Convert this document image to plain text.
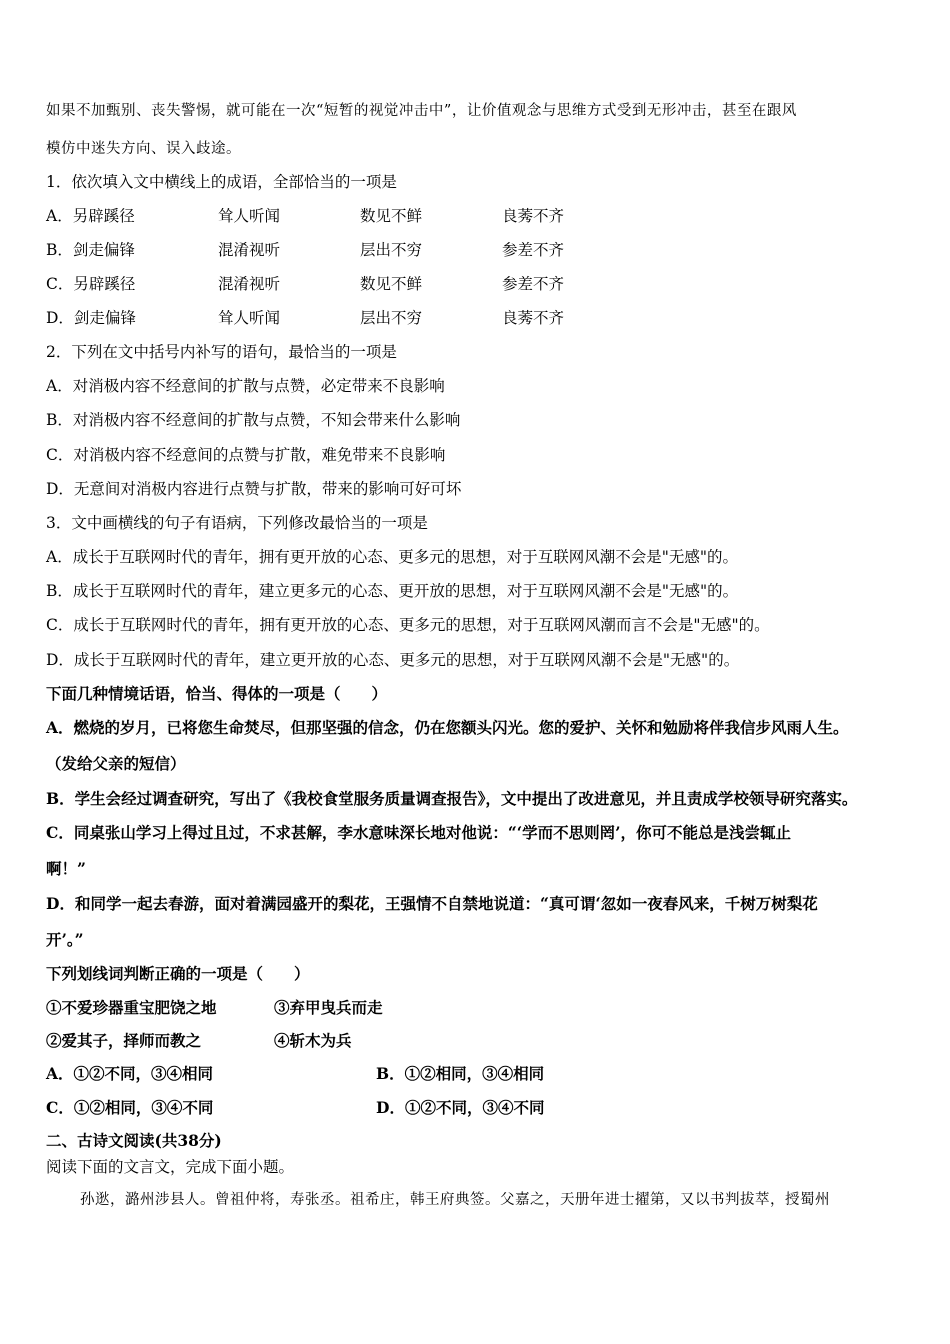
如果不加甄别、丧失警惕，就可能在一次“短暂的视觉冲击中”，让价值观念与思维方式受到无形冲击，甚至在跟风
模仿中迷失方向、误入歧途。
1．依次填入文中横线上的成语，全部恰当的一项是
A．另辟蹊径	耸人听闻	数见不鲜	良莠不齐
B．剑走偏锋	混淆视听	层出不穷	参差不齐
C．另辟蹊径	混淆视听	数见不鲜	参差不齐
D．剑走偏锋	耸人听闻	层出不穷	良莠不齐
2．下列在文中括号内补写的语句，最恰当的一项是
A．对消极内容不经意间的扩散与点赞，必定带来不良影响
B．对消极内容不经意间的扩散与点赞，不知会带来什么影响
C．对消极内容不经意间的点赞与扩散，难免带来不良影响
D．无意间对消极内容进行点赞与扩散，带来的影响可好可坏
3．文中画横线的句子有语病，下列修改最恰当的一项是
A．成长于互联网时代的青年，拥有更开放的心态、更多元的思想，对于互联网风潮不会是"无感"的。
B．成长于互联网时代的青年，建立更多元的心态、更开放的思想，对于互联网风潮不会是"无感"的。
C．成长于互联网时代的青年，拥有更开放的心态、更多元的思想，对于互联网风潮而言不会是"无感"的。
D．成长于互联网时代的青年，建立更开放的心态、更多元的思想，对于互联网风潮不会是"无感"的。
下面几种情境话语，恰当、得体的一项是（　　）
A．燃烧的岁月，已将您生命焚尽，但那坚强的信念，仍在您额头闪光。您的爱护、关怀和勉励将伴我信步风雨人生。
（发给父亲的短信）
B．学生会经过调查研究，写出了《我校食堂服务质量调查报告》，文中提出了改进意见，并且责成学校领导研究落实。
C．同桌张山学习上得过且过，不求甚解，李水意味深长地对他说：“‘学而不思则罔’，你可不能总是浅尝辄止
啊！”
D．和同学一起去春游，面对着满园盛开的梨花，王强情不自禁地说道：“真可谓‘忽如一夜春风来，千树万树梨花
开’。”
下列划线词判断正确的一项是（　　）
①不爱珍器重宝肥饶之地	③弃甲曳兵而走
②爱其子，择师而教之	④斩木为兵
A．①②不同，③④相同	B．①②相同，③④相同
C．①②相同，③④不同	D．①②不同，③④不同
二、古诗文阅读(共38分)
阅读下面的文言文，完成下面小题。
孙逖，潞州涉县人。曾祖仲将，寿张丞。祖希庄，韩王府典签。父嘉之，天册年进士擢第，又以书判拔萃，授蜀州
